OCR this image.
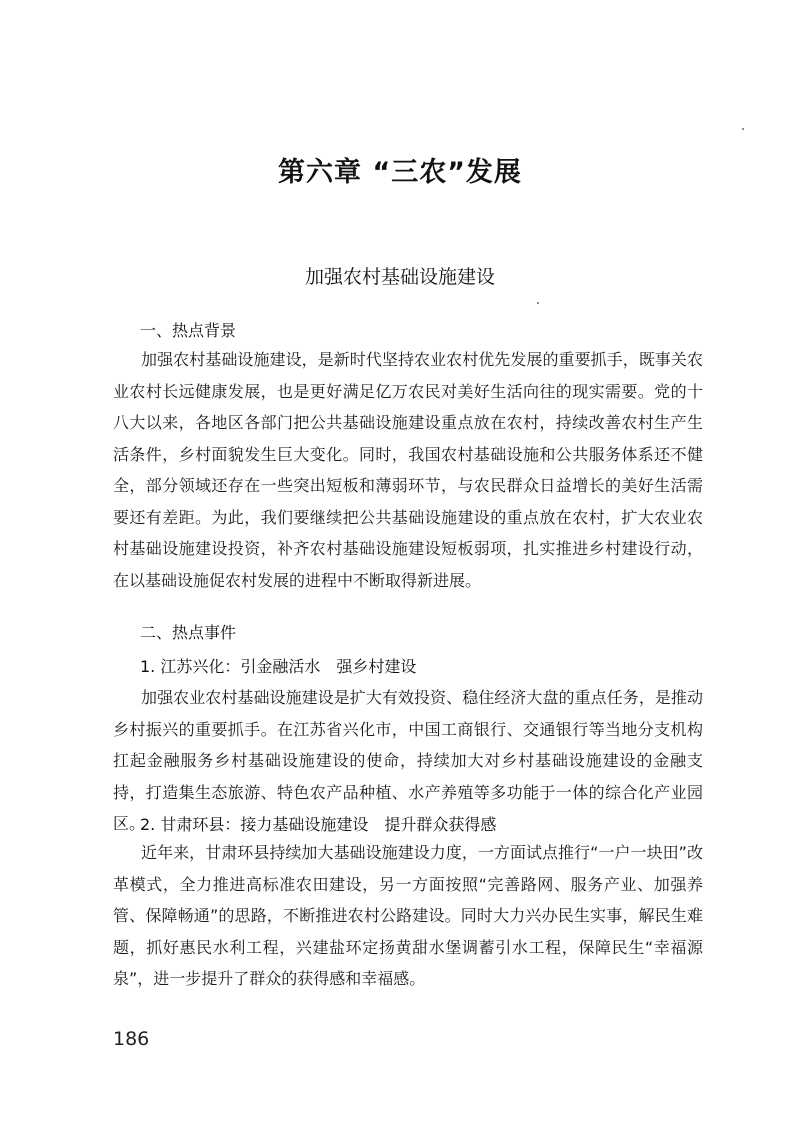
第六章 “三农”发展
加强农村基础设施建设
一、热点背景
加强农村基础设施建设，是新时代坚持农业农村优先发展的重要抓手，既事关农业农村长远健康发展，也是更好满足亿万农民对美好生活向往的现实需要。党的十八大以来，各地区各部门把公共基础设施建设重点放在农村，持续改善农村生产生活条件，乡村面貌发生巨大变化。同时，我国农村基础设施和公共服务体系还不健全，部分领域还存在一些突出短板和薄弱环节，与农民群众日益增长的美好生活需要还有差距。为此，我们要继续把公共基础设施建设的重点放在农村，扩大农业农村基础设施建设投资，补齐农村基础设施建设短板弱项，扎实推进乡村建设行动，在以基础设施促农村发展的进程中不断取得新进展。
二、热点事件
1. 江苏兴化：引金融活水　强乡村建设
加强农业农村基础设施建设是扩大有效投资、稳住经济大盘的重点任务，是推动乡村振兴的重要抓手。在江苏省兴化市，中国工商银行、交通银行等当地分支机构扛起金融服务乡村基础设施建设的使命，持续加大对乡村基础设施建设的金融支持，打造集生态旅游、特色农产品种植、水产养殖等多功能于一体的综合化产业园区。
2. 甘肃环县：接力基础设施建设　提升群众获得感
近年来，甘肃环县持续加大基础设施建设力度，一方面试点推行“一户一块田”改革模式，全力推进高标准农田建设，另一方面按照“完善路网、服务产业、加强养管、保障畅通”的思路，不断推进农村公路建设。同时大力兴办民生实事，解民生难题，抓好惠民水利工程，兴建盐环定扬黄甜水堡调蓄引水工程，保障民生“幸福源泉”，进一步提升了群众的获得感和幸福感。
186
